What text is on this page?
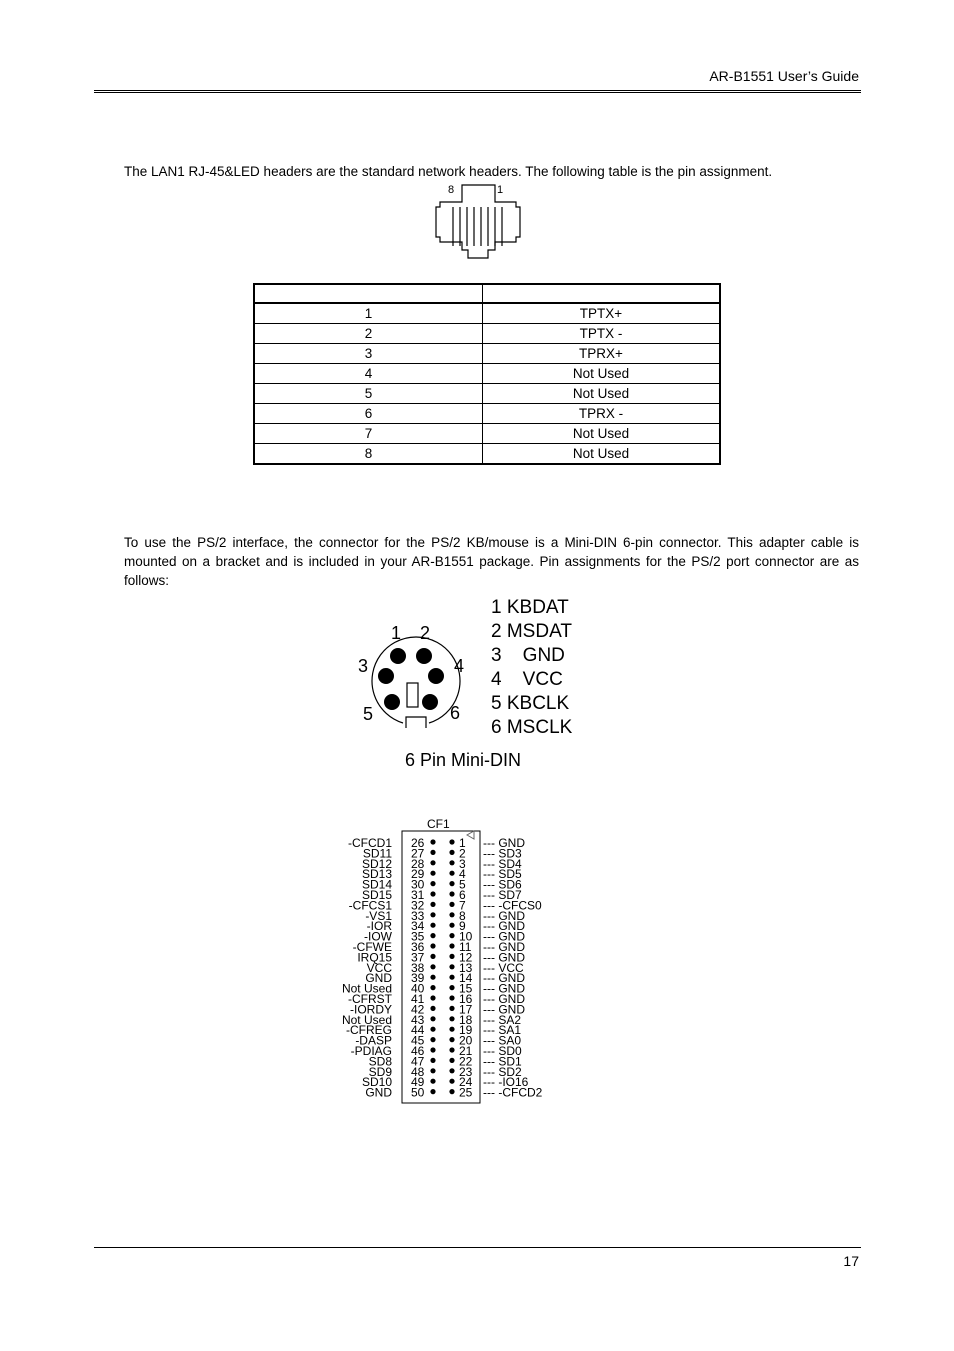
AR-B1551 User’s Guide
The LAN1 RJ-45&LED headers are the standard network headers. The following table is the pin assignment.
8	1

1	TPTX+
2	TPTX -
3	TPRX+
4	Not Used
5	Not Used
6	TPRX -
7	Not Used
8	Not Used
To use the PS/2 interface, the connector for the PS/2 KB/mouse is a Mini-DIN 6-pin connector. This adapter cable is mounted on a bracket and is included in your AR-B1551 package. Pin assignments for the PS/2 port connector are as follows:
1 2
3	4
5	6
1 KBDAT
2 MSDAT
3    GND
4    VCC
5 KBCLK
6 MSCLK
6 Pin Mini-DIN
CF1
-CFCD1 26	1 --- GND
SD11 27	2 --- SD3
SD12 28	3 --- SD4
SD13 29	4 --- SD5
SD14 30	5 --- SD6
SD15 31	6 --- SD7
-CFCS1 32	7 --- -CFCS0
-VS1 33	8 --- GND
-IOR 34	9 --- GND
-IOW 35	10 --- GND
-CFWE 36	11 --- GND
IRQ15 37	12 --- GND
VCC 38	13 --- VCC
GND 39	14 --- GND
Not Used 40	15 --- GND
-CFRST 41	16 --- GND
-IORDY 42	17 --- GND
Not Used 43	18 --- SA2
-CFREG 44	19 --- SA1
-DASP 45	20 --- SA0
-PDIAG 46	21 --- SD0
SD8 47	22 --- SD1
SD9 48	23 --- SD2
SD10 49	24 --- -IO16
GND 50	25 --- -CFCD2
17
